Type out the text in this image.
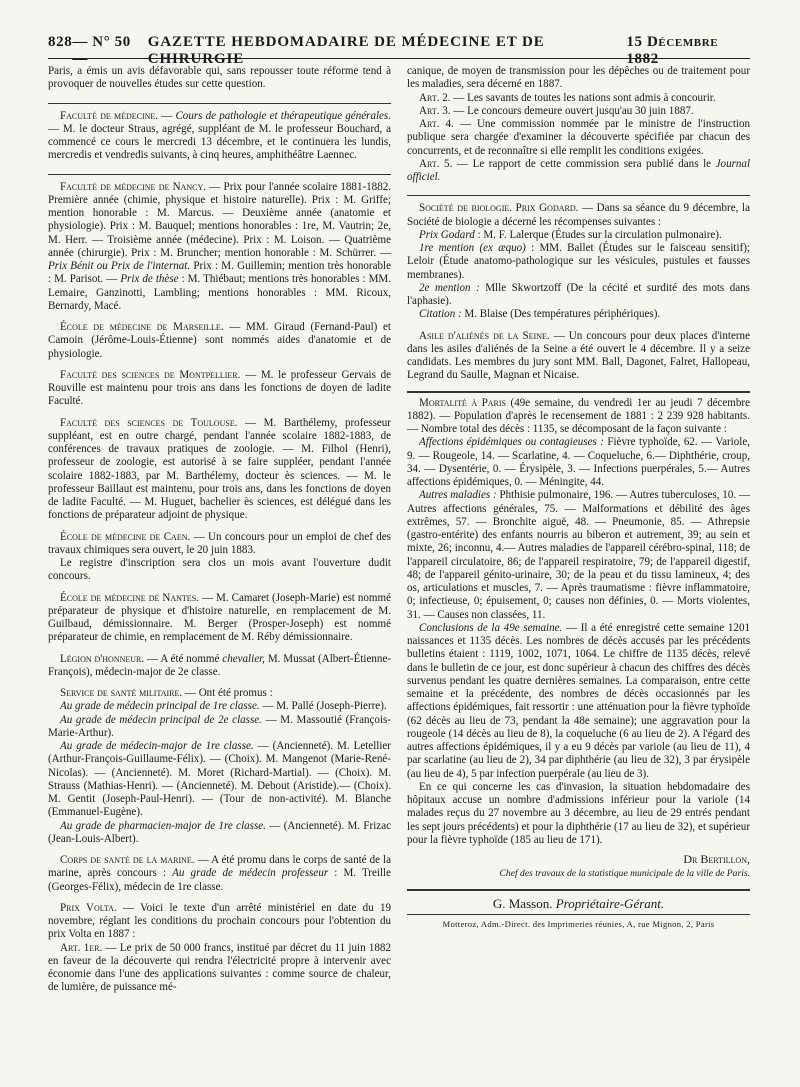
828 — N° 50 —
GAZETTE HEBDOMADAIRE DE MÉDECINE ET DE CHIRURGIE
15 Décembre 1882

Paris, a émis un avis défavorable qui, sans repousser toute réforme tend à provoquer de nouvelles études sur cette question.

Faculté de médecine. — Cours de pathologie et thérapeutique générales. — M. le docteur Straus, agrégé, suppléant de M. le professeur Bouchard, a commencé ce cours le mercredi 13 décembre, et le continuera les lundis, mercredis et vendredis suivants, à cinq heures, amphithéâtre Laennec.

Faculté de médecine de Nancy. — Prix pour l'année scolaire 1881-1882. Première année (chimie, physique et histoire naturelle). Prix : M. Griffe; mention honorable : M. Marcus. — Deuxième année (anatomie et physiologie). Prix : M. Bauquel; mentions honorables : 1re, M. Vautrin; 2e, M. Herr. — Troisième année (médecine). Prix : M. Loison. — Quatrième année (chirurgie). Prix : M. Bruncher; mention honorable : M. Schürrer. — Prix Bénit ou Prix de l'internat. Prix : M. Guillemin; mention très honorable : M. Parisot. — Prix de thèse : M. Thiébaut; mentions très honorables : MM. Lemaire, Ganzinotti, Lambling; mentions honorables : MM. Ricoux, Bernardy, Macé.

École de médecine de Marseille. — MM. Giraud (Fernand-Paul) et Camoin (Jérôme-Louis-Étienne) sont nommés aides d'anatomie et de physiologie.

Faculté des sciences de Montpellier. — M. le professeur Gervais de Rouville est maintenu pour trois ans dans les fonctions de doyen de ladite Faculté.

Faculté des sciences de Toulouse. — M. Barthélemy, professeur suppléant, est en outre chargé, pendant l'année scolaire 1882-1883, de conférences de travaux pratiques de zoologie. — M. Filhol (Henri), professeur de zoologie, est autorisé à se faire suppléer, pendant l'année scolaire 1882-1883, par M. Barthélemy, docteur ès sciences. — M. le professeur Baillaut est maintenu, pour trois ans, dans les fonctions de doyen de ladite Faculté. — M. Huguet, bachelier ès sciences, est délégué dans les fonctions de préparateur adjoint de physique.

École de médecine de Caen. — Un concours pour un emploi de chef des travaux chimiques sera ouvert, le 20 juin 1883.

Le registre d'inscription sera clos un mois avant l'ouverture dudit concours.

École de médecine de Nantes. — M. Camaret (Joseph-Marie) est nommé préparateur de physique et d'histoire naturelle, en remplacement de M. Guilbaud, démissionnaire. M. Berger (Prosper-Joseph) est nommé préparateur de chimie, en remplacement de M. Réby démissionnaire.

Légion d'honneur. — A été nommé chevalier, M. Mussat (Albert-Étienne-François), médecin-major de 2e classe.

Service de santé militaire. — Ont été promus :

Au grade de médecin principal de 1re classe. — M. Pallé (Joseph-Pierre).

Au grade de médecin principal de 2e classe. — M. Massoutié (François-Marie-Arthur).

Au grade de médecin-major de 1re classe. — (Ancienneté). M. Letellier (Arthur-François-Guillaume-Félix). — (Choix). M. Mangenot (Marie-René-Nicolas). — (Ancienneté). M. Moret (Richard-Martial). — (Choix). M. Strauss (Mathias-Henri). — (Ancienneté). M. Debout (Aristide).— (Choix). M. Gentit (Joseph-Paul-Henri). — (Tour de non-activité). M. Blanche (Emmanuel-Eugène).

Au grade de pharmacien-major de 1re classe. — (Ancienneté). M. Frizac (Jean-Louis-Albert).

Corps de santé de la marine. — A été promu dans le corps de santé de la marine, après concours : Au grade de médecin professeur : M. Treille (Georges-Félix), médecin de 1re classe.

Prix Volta. — Voici le texte d'un arrêté ministériel en date du 19 novembre, réglant les conditions du prochain concours pour l'obtention du prix Volta en 1887 :

Art. 1er. — Le prix de 50 000 francs, institué par décret du 11 juin 1882 en faveur de la découverte qui rendra l'électricité propre à intervenir avec économie dans l'une des applications suivantes : comme source de chaleur, de lumière, de puissance mé-

canique, de moyen de transmission pour les dépêches ou de traitement pour les maladies, sera décerné en 1887.

Art. 2. — Les savants de toutes les nations sont admis à concourir.

Art. 3. — Le concours demeure ouvert jusqu'au 30 juin 1887.

Art. 4. — Une commission nommée par le ministre de l'instruction publique sera chargée d'examiner la découverte spécifiée par chacun des concurrents, et de reconnaître si elle remplit les conditions exigées.

Art. 5. — Le rapport de cette commission sera publié dans le Journal officiel.

Société de biologie. Prix Godard. — Dans sa séance du 9 décembre, la Société de biologie a décerné les récompenses suivantes :

Prix Godard : M. F. Lalerque (Études sur la circulation pulmonaire).

1re mention (ex æquo) : MM. Ballet (Études sur le faisceau sensitif); Leloir (Étude anatomo-pathologique sur les vésicules, pustules et fausses membranes).

2e mention : Mlle Skwortzoff (De la cécité et surdité des mots dans l'aphasie).

Citation : M. Blaise (Des températures périphériques).

Asile d'aliénés de la Seine. — Un concours pour deux places d'interne dans les asiles d'aliénés de la Seine a été ouvert le 4 décembre. Il y a seize candidats. Les membres du jury sont MM. Ball, Dagonet, Falret, Hallopeau, Legrand du Saulle, Magnan et Nicaise.

Mortalité à Paris (49e semaine, du vendredi 1er au jeudi 7 décembre 1882). — Population d'après le recensement de 1881 : 2 239 928 habitants. — Nombre total des décès : 1135, se décomposant de la façon suivante :

Affections épidémiques ou contagieuses : Fièvre typhoïde, 62. — Variole, 9. — Rougeole, 14. — Scarlatine, 4. — Coqueluche, 6.— Diphthérie, croup, 34. — Dysentérie, 0. — Érysipèle, 3. — Infections puerpérales, 5.— Autres affections épidémiques, 0. — Méningite, 44.

Autres maladies : Phthisie pulmonaire, 196. — Autres tuberculoses, 10. — Autres affections générales, 75. — Malformations et débilité des âges extrêmes, 57. — Bronchite aiguë, 48. — Pneumonie, 85. — Athrepsie (gastro-entérite) des enfants nourris au biberon et autrement, 39; au sein et mixte, 26; inconnu, 4.— Autres maladies de l'appareil cérébro-spinal, 118; de l'appareil circulatoire, 86; de l'appareil respiratoire, 79; de l'appareil digestif, 48; de l'appareil génito-urinaire, 30; de la peau et du tissu lamineux, 4; des os, articulations et muscles, 7. — Après traumatisme : fièvre inflammatoire, 0; infectieuse, 0; épuisement, 0; causes non définies, 0. — Morts violentes, 31. — Causes non classées, 11.

Conclusions de la 49e semaine. — Il a été enregistré cette semaine 1201 naissances et 1135 décès. Les nombres de décès accusés par les précédents bulletins étaient : 1119, 1002, 1071, 1064. Le chiffre de 1135 décès, relevé dans le bulletin de ce jour, est donc supérieur à chacun des chiffres des décès survenus pendant les quatre dernières semaines. La comparaison, entre cette semaine et la précédente, des nombres de décès occasionnés par les affections épidémiques, fait ressortir : une atténuation pour la fièvre typhoïde (62 décès au lieu de 73, pendant la 48e semaine); une aggravation pour la rougeole (14 décès au lieu de 8), la coqueluche (6 au lieu de 2). A l'égard des autres affections épidémiques, il y a eu 9 décès par variole (au lieu de 11), 4 par scarlatine (au lieu de 2), 34 par diphthérie (au lieu de 32), 3 par érysipèle (au lieu de 4), 5 par infection puerpérale (au lieu de 3).

En ce qui concerne les cas d'invasion, la situation hebdomadaire des hôpitaux accuse un nombre d'admissions inférieur pour la variole (14 malades reçus du 27 novembre au 3 décembre, au lieu de 29 entrés pendant les sept jours précédents) et pour la diphthérie (17 au lieu de 32), et supérieur pour la fièvre typhoïde (185 au lieu de 171).

Dr Bertillon,
Chef des travaux de la statistique municipale de la ville de Paris.
G. Masson. Propriétaire-Gérant.
Motteroz, Adm.-Direct. des Imprimeries réunies, A, rue Mignon, 2, Paris
